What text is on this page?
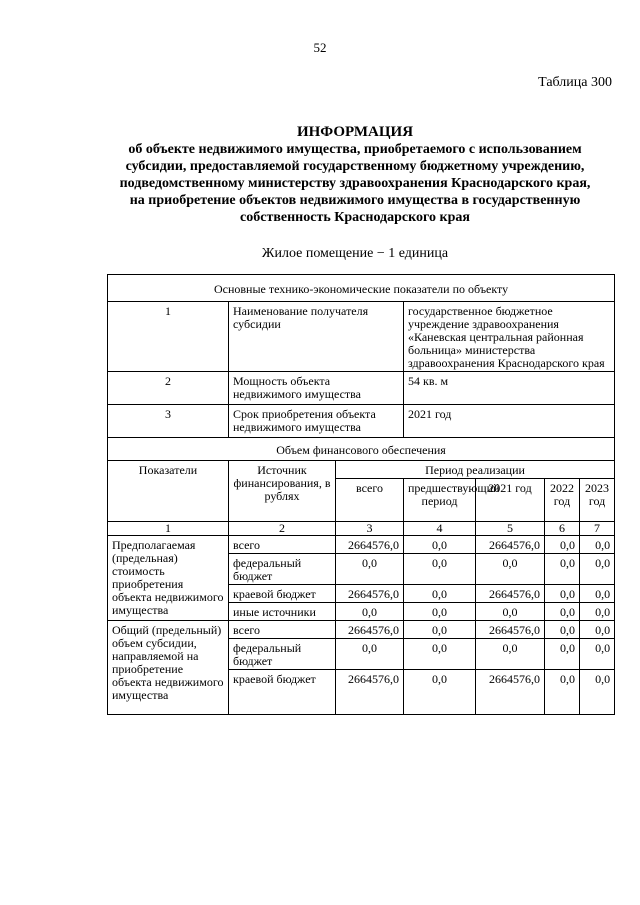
52
Таблица 300
ИНФОРМАЦИЯ
об объекте недвижимого имущества, приобретаемого с использованием
субсидии, предоставляемой государственному бюджетному учреждению,
подведомственному министерству здравоохранения Краснодарского края,
на приобретение объектов недвижимого имущества в государственную
собственность Краснодарского края
Жилое помещение − 1 единица
Основные технико-экономические показатели по объекту						
1	Наименование получателя субсидии		государственное бюджетное учреждение здравоохранения «Каневская центральная районная больница» министерства здравоохранения Краснодарского края			
2	Мощность объекта недвижимого имущества		54 кв. м			
3	Срок приобретения объекта недвижимого имущества		2021 год			
Объем финансового обеспечения						
Показатели	Источник финансирования, в рублях	Период реализации				
		всего	предшествующий период	2021 год	2022 год	2023 год
1	2	3	4	5	6	7
Предполагаемая (предельная) стоимость приобретения объекта недвижимого имущества	всего	2664576,0	0,0	2664576,0	0,0	0,0
	федеральный бюджет	0,0	0,0	0,0	0,0	0,0
	краевой бюджет	2664576,0	0,0	2664576,0	0,0	0,0
	иные источники	0,0	0,0	0,0	0,0	0,0
Общий (предельный) объем субсидии, направляемой на приобретение объекта недвижимого имущества	всего	2664576,0	0,0	2664576,0	0,0	0,0
	федеральный бюджет	0,0	0,0	0,0	0,0	0,0
	краевой бюджет	2664576,0	0,0	2664576,0	0,0	0,0
